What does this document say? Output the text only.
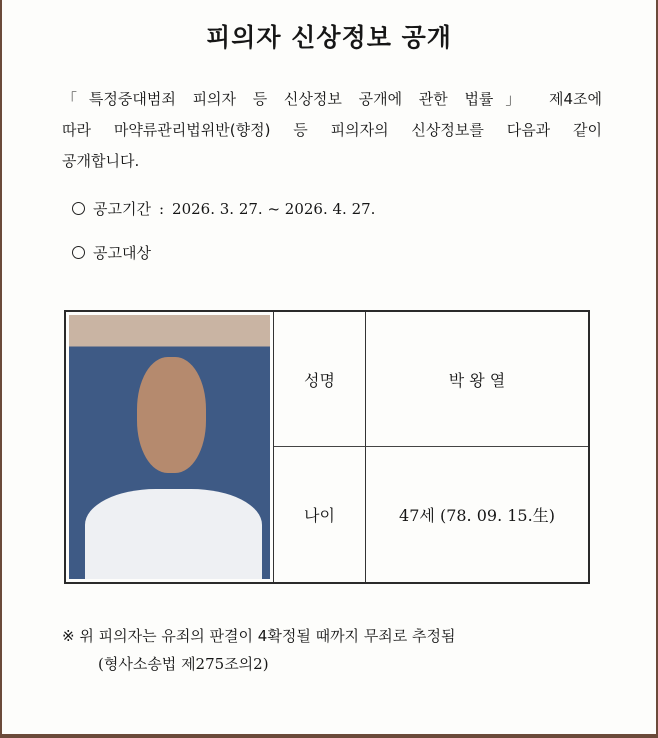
피의자 신상정보 공개
「특정중대범죄 피의자 등 신상정보 공개에 관한 법률」 제4조에
따라 마약류관리법위반(향정) 등 피의자의 신상정보를 다음과 같이
공개합니다.
공고기간 : 2026. 3. 27. ~ 2026. 4. 27.
공고대상
성명	박 왕 열
나이	47세 (78. 09. 15.生)
※ 위 피의자는 유죄의 판결이 4확정될 때까지 무죄로 추정됨
(형사소송법 제275조의2)
